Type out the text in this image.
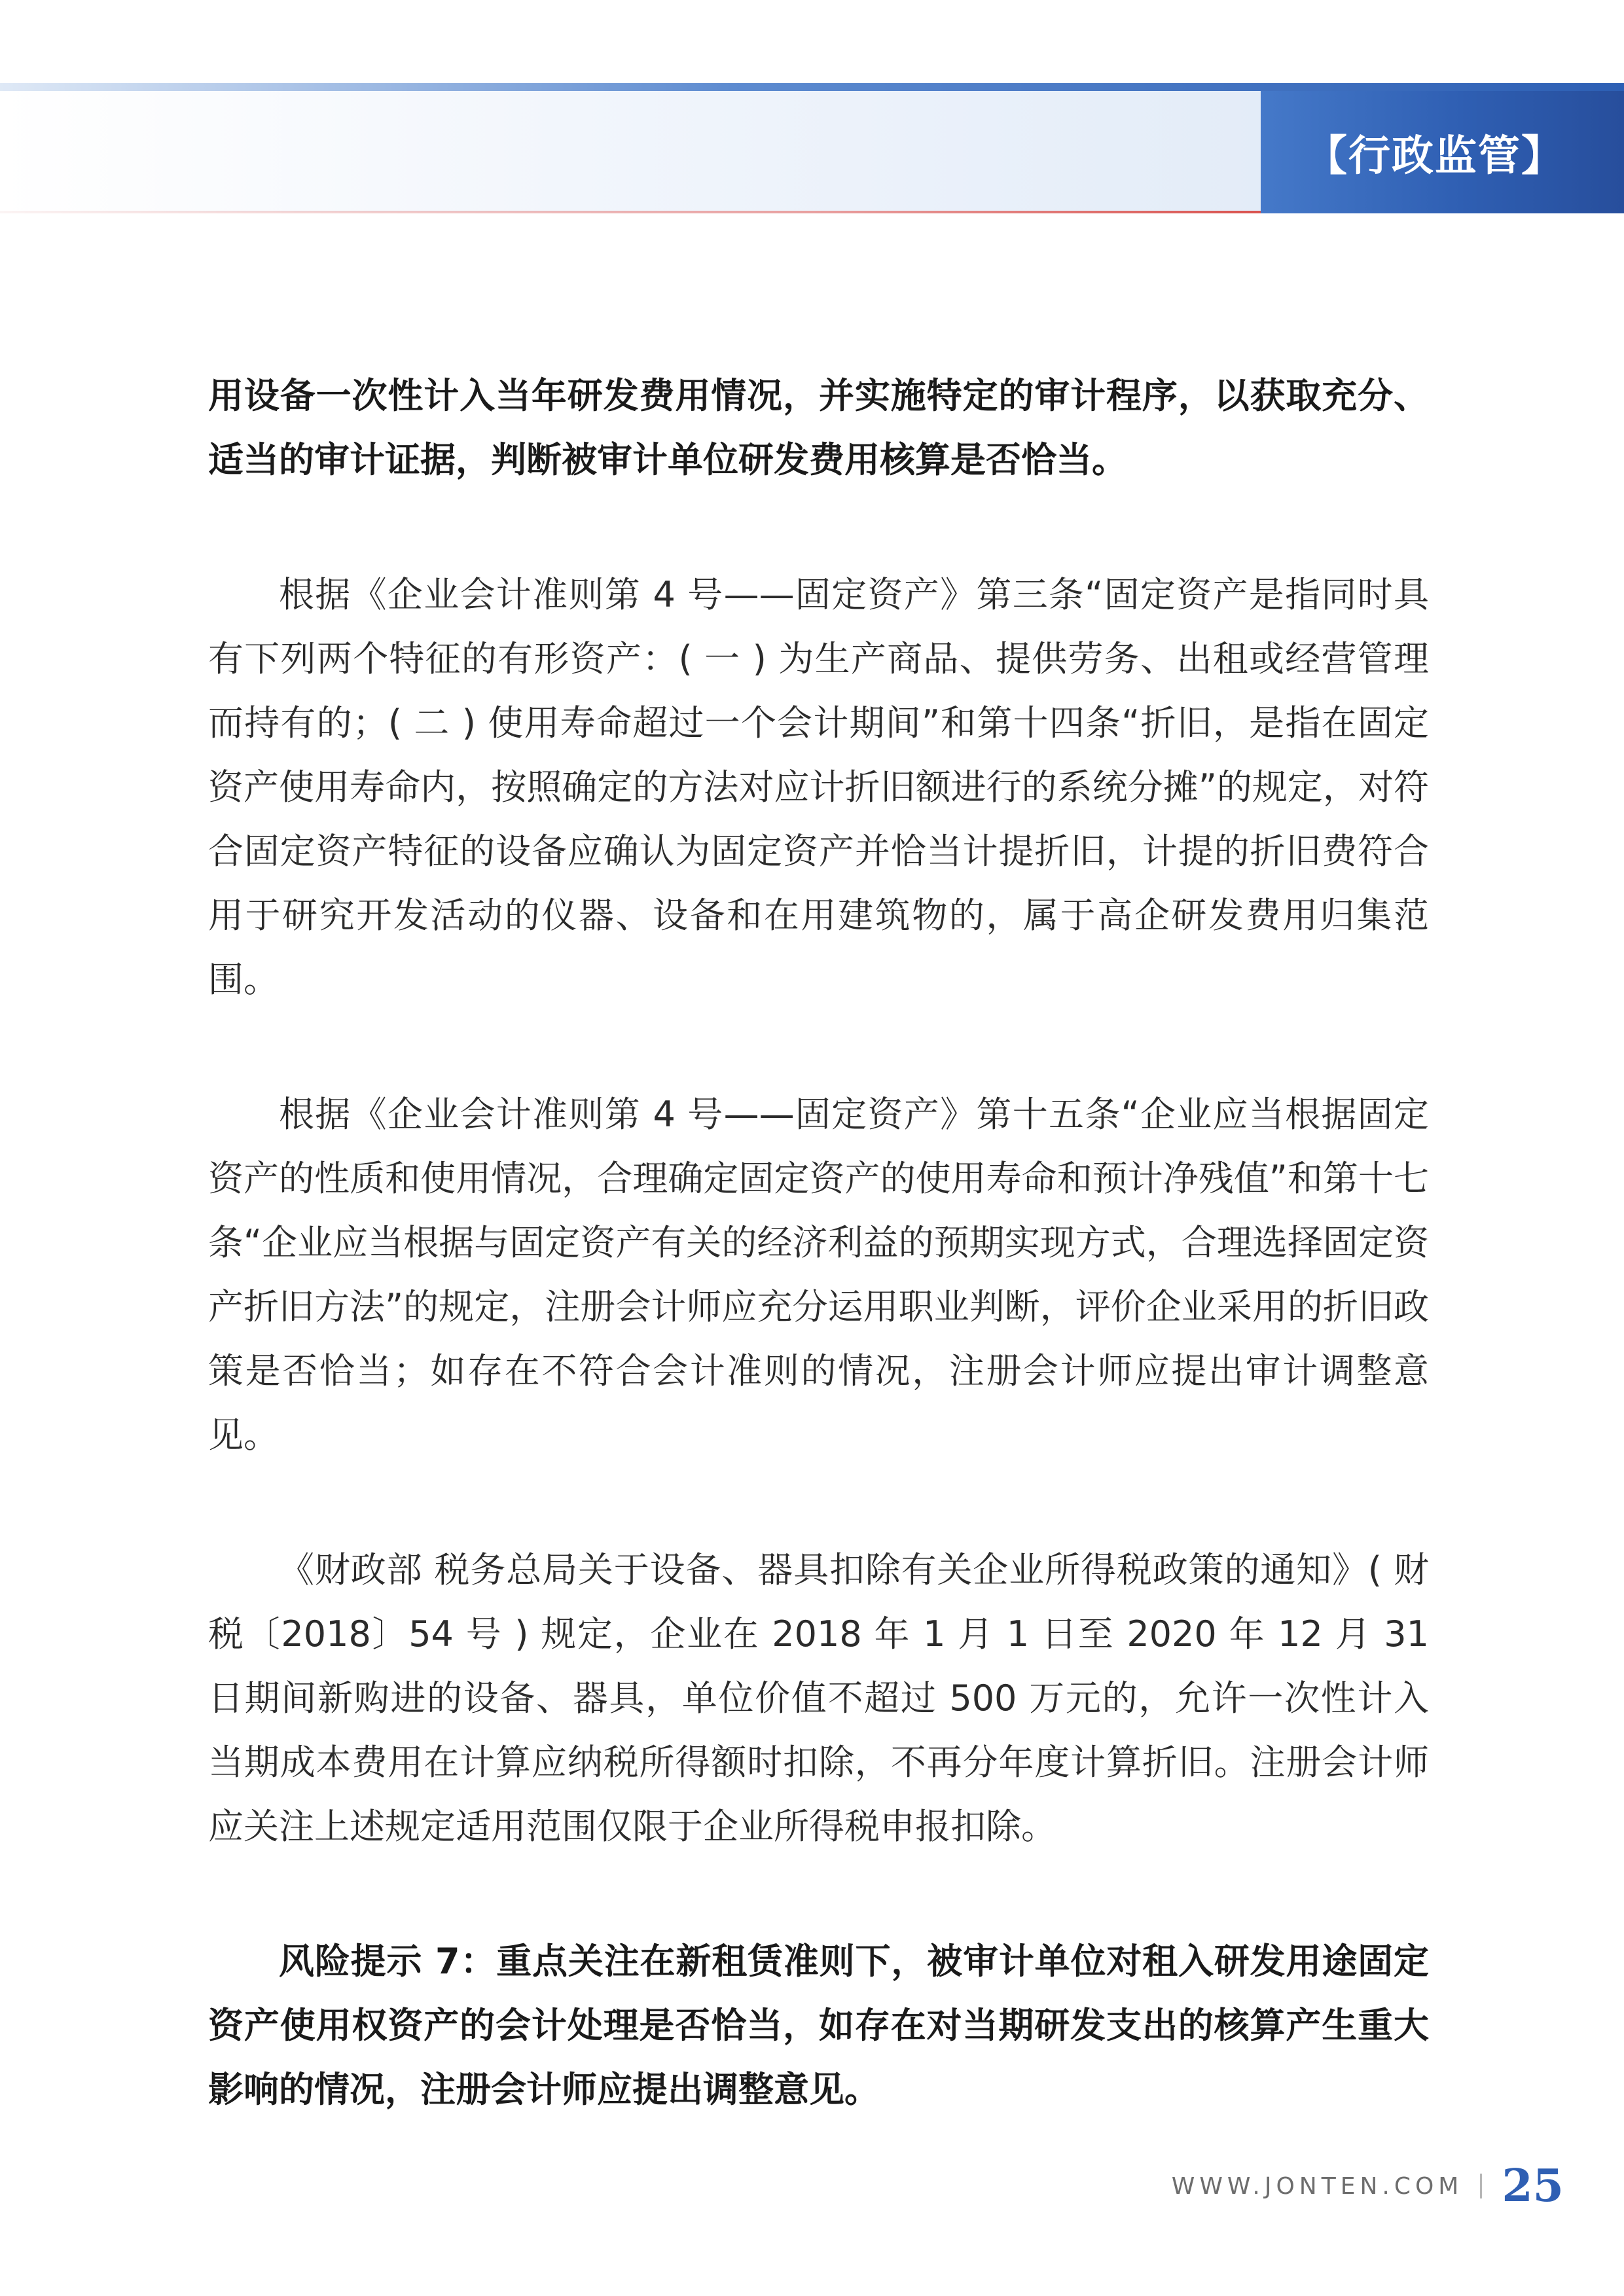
【行政监管】

用设备一次性计入当年研发费用情况，并实施特定的审计程序，以获取充分、适当的审计证据，判断被审计单位研发费用核算是否恰当。

根据《企业会计准则第 4 号——固定资产》第三条“固定资产是指同时具有下列两个特征的有形资产：( 一 ) 为生产商品、提供劳务、出租或经营管理而持有的；( 二 ) 使用寿命超过一个会计期间”和第十四条“折旧，是指在固定资产使用寿命内，按照确定的方法对应计折旧额进行的系统分摊”的规定，对符合固定资产特征的设备应确认为固定资产并恰当计提折旧，计提的折旧费符合用于研究开发活动的仪器、设备和在用建筑物的，属于高企研发费用归集范围。

根据《企业会计准则第 4 号——固定资产》第十五条“企业应当根据固定资产的性质和使用情况，合理确定固定资产的使用寿命和预计净残值”和第十七条“企业应当根据与固定资产有关的经济利益的预期实现方式，合理选择固定资产折旧方法”的规定，注册会计师应充分运用职业判断，评价企业采用的折旧政策是否恰当；如存在不符合会计准则的情况，注册会计师应提出审计调整意见。

《财政部 税务总局关于设备、器具扣除有关企业所得税政策的通知》( 财税〔2018〕54 号 ) 规定，企业在 2018 年 1 月 1 日至 2020 年 12 月 31 日期间新购进的设备、器具，单位价值不超过 500 万元的，允许一次性计入当期成本费用在计算应纳税所得额时扣除，不再分年度计算折旧。注册会计师应关注上述规定适用范围仅限于企业所得税申报扣除。

风险提示 7：重点关注在新租赁准则下，被审计单位对租入研发用途固定资产使用权资产的会计处理是否恰当，如存在对当期研发支出的核算产生重大影响的情况，注册会计师应提出调整意见。

WWW.JONTEN.COM 25
